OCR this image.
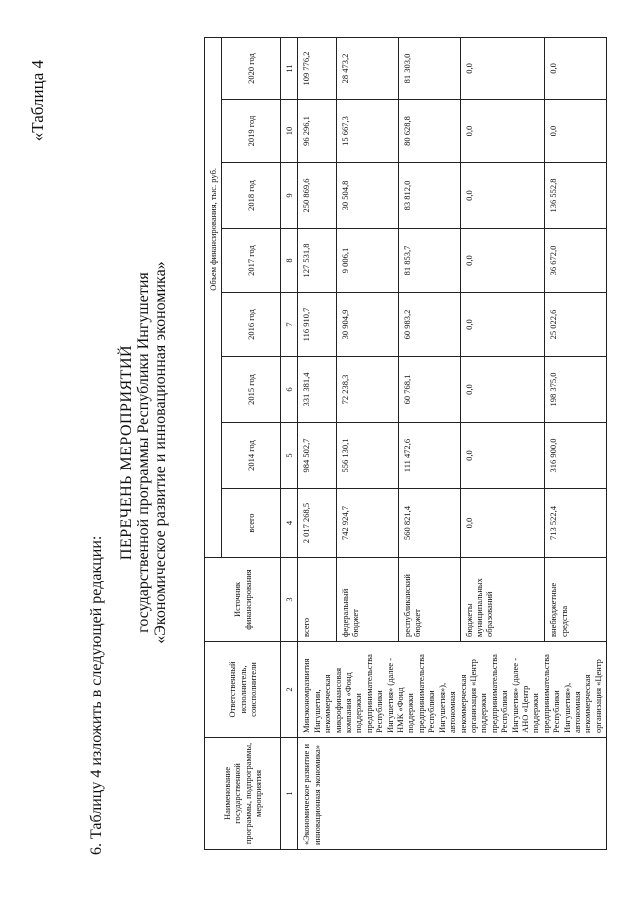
«Таблица 4
6. Таблицу 4 изложить в следующей редакции:
ПЕРЕЧЕНЬ МЕРОПРИЯТИЙ государственной программы Республики Ингушетия «Экономическое развитие и инновационная экономика»
Наименование государственной программы, подпрограммы, мероприятия	Ответственный исполнитель, соисполнители	Источник финансирования	Объем финансирования, тыс. руб.							
			всего	2014 год	2015 год	2016 год	2017 год	2018 год	2019 год	2020 год
1	2	3	4	5	6	7	8	9	10	11
«Экономическое развитие и инновационная экономика»	Минэкономразвития Ингушетии, некоммерческая микрофинансовая компания «Фонд поддержки предпринимательства Республики Ингушетия» (далее - НМК «Фонд поддержки предпринимательства Республики Ингушетия»), автономная некоммерческая организация «Центр поддержки предпринимательства Республики Ингушетия» (далее - АНО «Центр поддержки предпринимательства Республики Ингушетия»), автономная некоммерческая организация «Центр	всего	2 017 268,5	984 502,7	331 381,4	116 910,7	127 531,8	250 869,6	96 296,1	109 776,2
		федеральный бюджет	742 924,7	556 130,1	72 238,3	30 904,9	9 006,1	30 504,8	15 667,3	28 473,2
		республиканский бюджет	560 821,4	111 472,6	60 768,1	60 983,2	81 853,7	83 812,0	80 628,8	81 303,0
		бюджеты муниципальных образований	0,0	0,0	0,0	0,0	0,0	0,0	0,0	0,0
		внебюджетные средства	713 522,4	316 900,0	198 375,0	25 022,6	36 672,0	136 552,8	0,0	0,0
